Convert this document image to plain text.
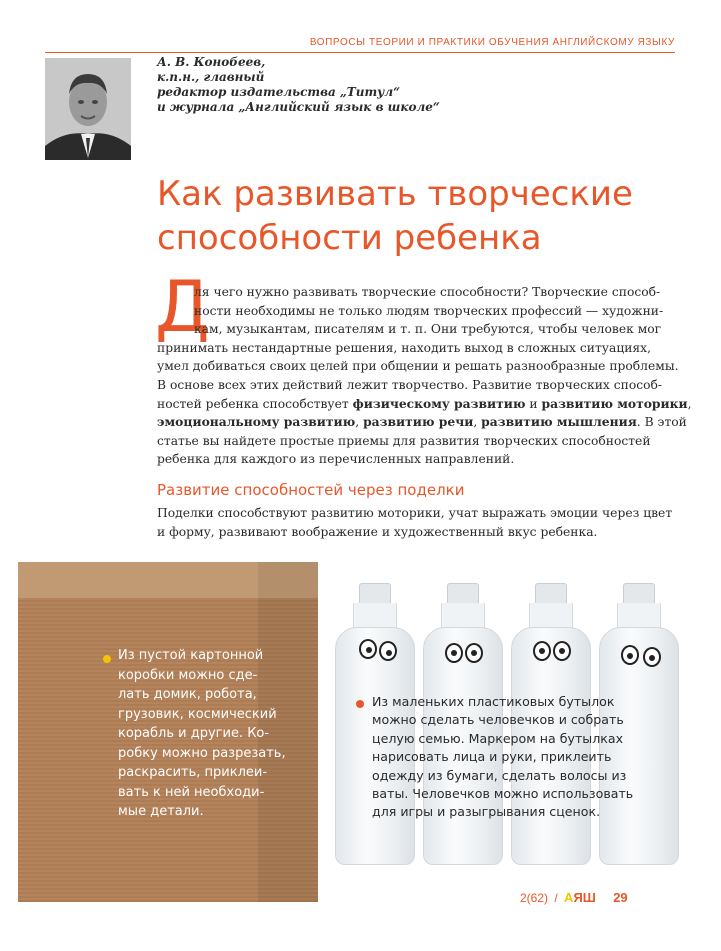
ВОПРОСЫ ТЕОРИИ И ПРАКТИКИ ОБУЧЕНИЯ АНГЛИЙСКОМУ ЯЗЫКУ
А. В. Конобеев,
к.п.н., главный
редактор издательства „Титул“
и журнала „Английский язык в школе“
Как развивать творческие
способности ребенка
Д
ля чего нужно развивать творческие способности? Творческие способ-
ности необходимы не только людям творческих профессий — художни-
кам, музыкантам, писателям и т. п. Они требуются, чтобы человек мог
принимать нестандартные решения, находить выход в сложных ситуациях,
умел добиваться своих целей при общении и решать разнообразные проблемы.
В основе всех этих действий лежит творчество. Развитие творческих способ-
ностей ребенка способствует физическому развитию и развитию моторики,
эмоциональному развитию, развитию речи, развитию мышления. В этой
статье вы найдете простые приемы для развития творческих способностей
ребенка для каждого из перечисленных направлений.
Развитие способностей через поделки
Поделки способствуют развитию моторики, учат выражать эмоции через цвет
и форму, развивают воображение и художественный вкус ребенка.
Из пустой картонной
коробки можно сде-
лать домик, робота,
грузовик, космический
корабль и другие. Ко-
робку можно разрезать,
раскрасить, приклеи-
вать к ней необходи-
мые детали.
Из маленьких пластиковых бутылок
можно сделать человечков и собрать
целую семью. Маркером на бутылках
нарисовать лица и руки, приклеить
одежду из бумаги, сделать волосы из
ваты. Человечков можно использовать
для игры и разыгрывания сценок.
2(62) / АЯШ 29
